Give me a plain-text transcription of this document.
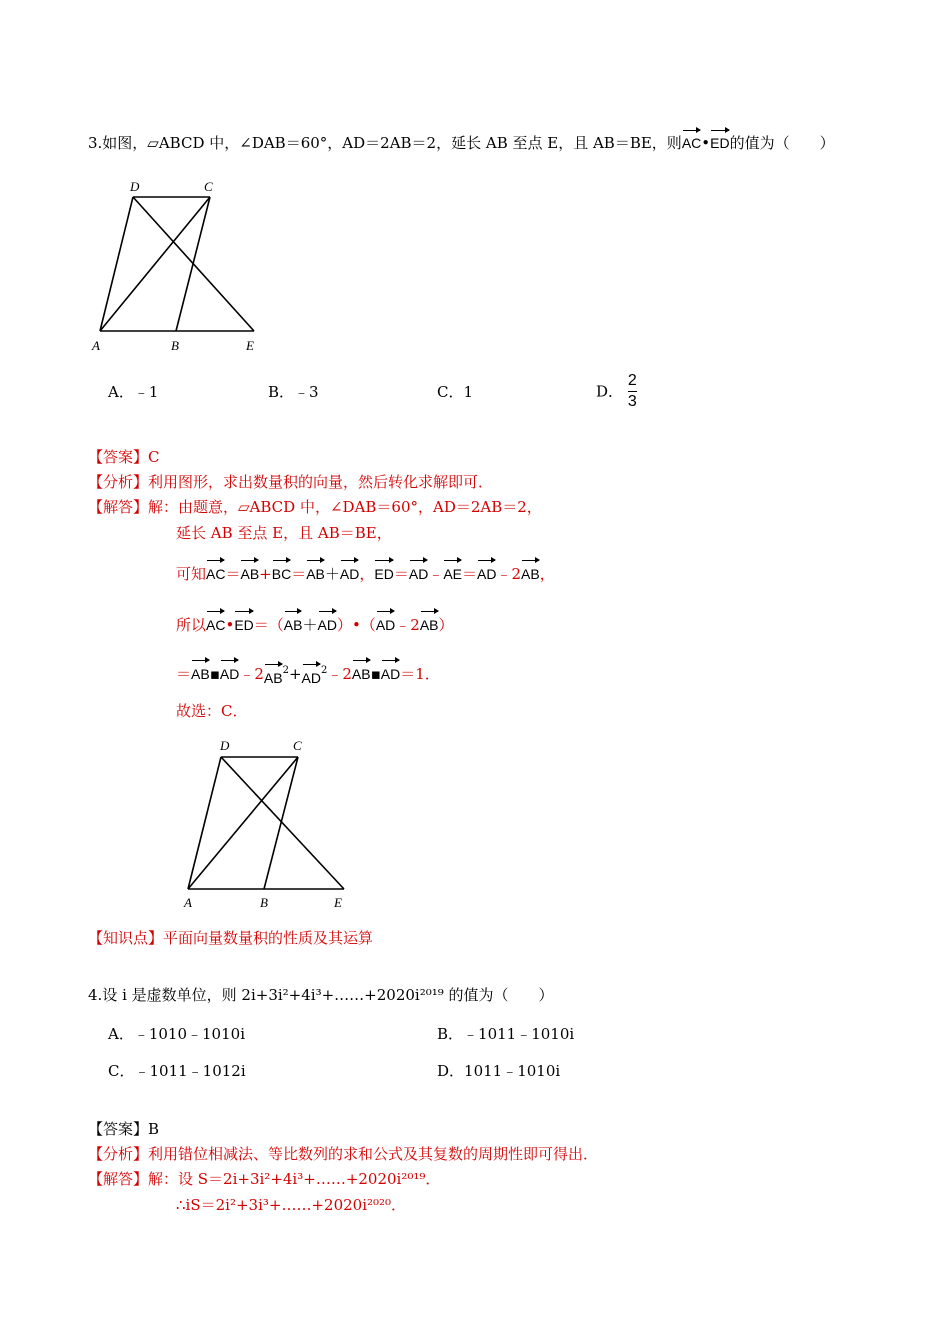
3.如图，▱ABCD 中，∠DAB＝60°，AD＝2AB＝2，延长 AB 至点 E，且 AB＝BE，则AC•ED的值为（　　）
D	C
A	B	E
A．﹣1	B．﹣3	C．1	D． $\frac{2}{3}$
【答案】C
【分析】利用图形，求出数量积的向量，然后转化求解即可．
【解答】解：由题意，▱ABCD 中，∠DAB＝60°，AD＝2AB＝2，
延长 AB 至点 E，且 AB＝BE，
可知AC＝AB+BC＝AB＋AD，ED＝AD﹣AE＝AD﹣2AB，
所以AC•ED＝（AB＋AD）•（AD﹣2AB）
$=AB▪AD﹣2AB^2+AD^2﹣2AB▪AD=1$．
故选：C．
D	C
A	B	E
【知识点】平面向量数量积的性质及其运算
4.设 i 是虚数单位，则 2i+3i²+4i³+……+2020i²⁰¹⁹ 的值为（　　）
A．﹣1010﹣1010i	B．﹣1011﹣1010i
C．﹣1011﹣1012i	D．1011﹣1010i
【答案】B
【分析】利用错位相减法、等比数列的求和公式及其复数的周期性即可得出．
【解答】解：设 S＝2i+3i²+4i³+……+2020i²⁰¹⁹．
∴iS＝2i²+3i³+……+2020i²⁰²⁰．
